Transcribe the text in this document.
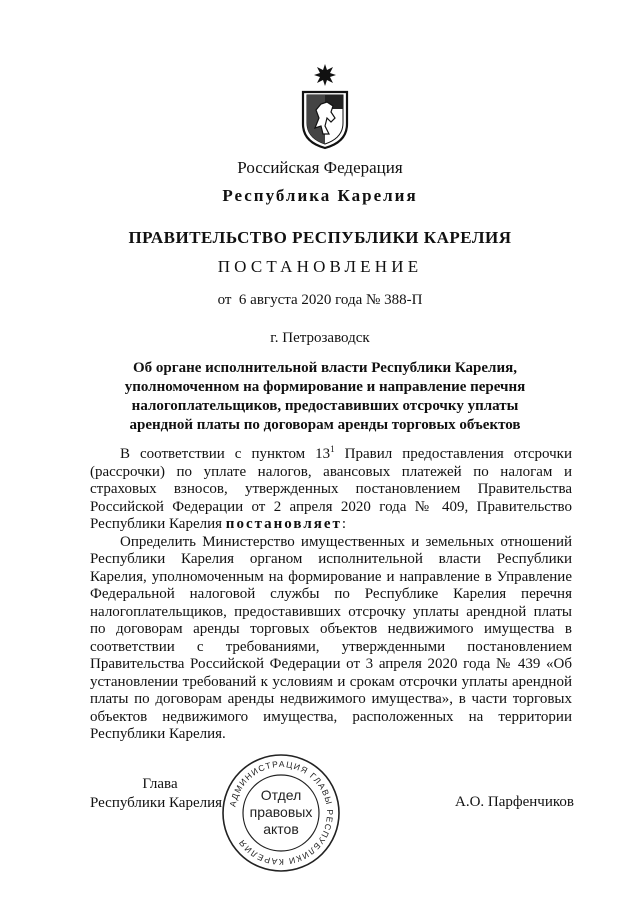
Российская Федерация
Республика Карелия
ПРАВИТЕЛЬСТВО РЕСПУБЛИКИ КАРЕЛИЯ
ПОСТАНОВЛЕНИЕ
от  6 августа 2020 года № 388-П
г. Петрозаводск
Об органе исполнительной власти Республики Карелия,
уполномоченном на формирование и направление перечня
налогоплательщиков, предоставивших отсрочку уплаты
арендной платы по договорам аренды торговых объектов

В соответствии с пунктом $13^1$ Правил предоставления отсрочки (рассрочки) по уплате налогов, авансовых платежей по налогам и страховых взносов, утвержденных постановлением Правительства Российской Федерации от 2 апреля 2020 года № 409, Правительство Республики Карелия постановляет:

Определить Министерство имущественных и земельных отношений Республики Карелия органом исполнительной власти Республики Карелия, уполномоченным на формирование и направление в Управление Федеральной налоговой службы по Республике Карелия перечня налогоплательщиков, предоставивших отсрочку уплаты арендной платы по договорам аренды торговых объектов недвижимого имущества в соответствии с требованиями, утвержденными постановлением Правительства Российской Федерации от 3 апреля 2020 года № 439 «Об установлении требований к условиям и срокам отсрочки уплаты арендной платы по договорам аренды недвижимого имущества», в части торговых объектов недвижимого имущества, расположенных на территории Республики Карелия.

Глава
Республики Карелия АДМИНИСТРАЦИЯ ГЛАВЫ РЕСПУБЛИКИ КАРЕЛИЯ
Отдел
правовых
актов
А.О. Парфенчиков
